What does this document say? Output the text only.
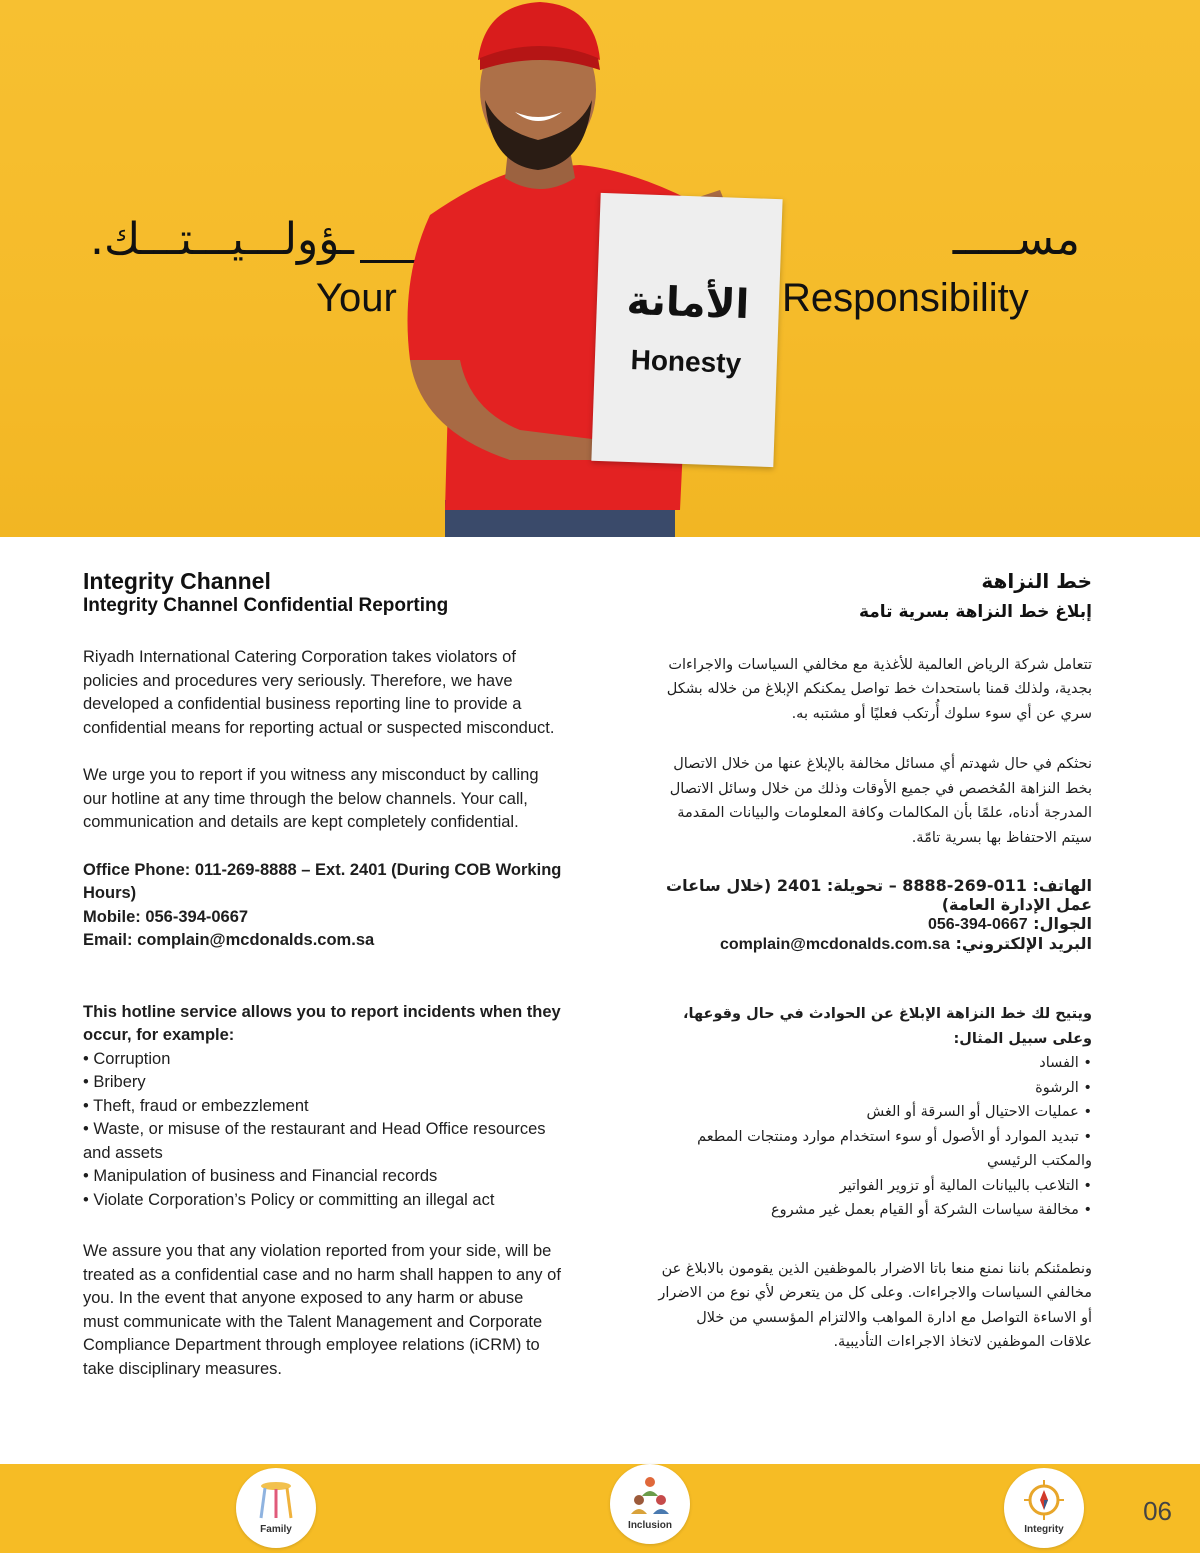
مســـــ
ـؤولـــيـــتـــك.
Your	Responsibility
الأمانة
Honesty
Integrity Channel
Integrity Channel Confidential Reporting

Riyadh International Catering Corporation takes violators of policies and procedures very seriously. Therefore, we have developed a confidential business reporting line to provide a confidential means for reporting actual or suspected misconduct.

We urge you to report if you witness any misconduct by calling our hotline at any time through the below channels. Your call, communication and details are kept completely confidential.

Office Phone: 011-269-8888 – Ext. 2401 (During COB Working Hours)

Mobile: 056-394-0667

Email: complain@mcdonalds.com.sa

This hotline service allows you to report incidents when they occur, for example:

• Corruption
• Bribery
• Theft, fraud or embezzlement
• Waste, or misuse of the restaurant and Head Office resources and assets
• Manipulation of business and Financial records
• Violate Corporation’s Policy or committing an illegal act

We assure you that any violation reported from your side, will be treated as a confidential case and no harm shall happen to any of you. In the event that anyone exposed to any harm or abuse must communicate with the Talent Management and Corporate Compliance Department through employee relations (iCRM) to take disciplinary measures.

خط النزاهة
إبلاغ خط النزاهة بسرية تامة

تتعامل شركة الرياض العالمية للأغذية مع مخالفي السياسات والاجراءات بجدية، ولذلك قمنا باستحداث خط تواصل يمكنكم الإبلاغ من خلاله بشكل سري عن أي سوء سلوك أُرتكب فعليًا أو مشتبه به.

نحثكم في حال شهدتم أي مسائل مخالفة بالإبلاغ عنها من خلال الاتصال بخط النزاهة المُخصص في جميع الأوقات وذلك من خلال وسائل الاتصال المدرجة أدناه، علمًا بأن المكالمات وكافة المعلومات والبيانات المقدمة سيتم الاحتفاظ بها بسرية تامّة.

الهاتف: 011-269-8888 – تحويلة: 2401 (خلال ساعات عمل الإدارة العامة)
الجوال: 056-394-0667
البريد الإلكتروني: complain@mcdonalds.com.sa

ويتيح لك خط النزاهة الإبلاغ عن الحوادث في حال وقوعها، وعلى سبيل المثال:

• الفساد
• الرشوة
• عمليات الاحتيال أو السرقة أو الغش
• تبديد الموارد أو الأصول أو سوء استخدام موارد ومنتجات المطعم والمكتب الرئيسي
• التلاعب بالبيانات المالية أو تزوير الفواتير
• مخالفة سياسات الشركة أو القيام بعمل غير مشروع

ونطمئنكم باننا نمنع منعا باتا الاضرار بالموظفين الذين يقومون بالابلاغ عن مخالفي السياسات والاجراءات. وعلى كل من يتعرض لأي نوع من الاضرار أو الاساءة التواصل مع ادارة المواهب والالتزام المؤسسي من خلال علاقات الموظفين لاتخاذ الاجراءات التأديبية.

Family	Inclusion	Integrity
06
